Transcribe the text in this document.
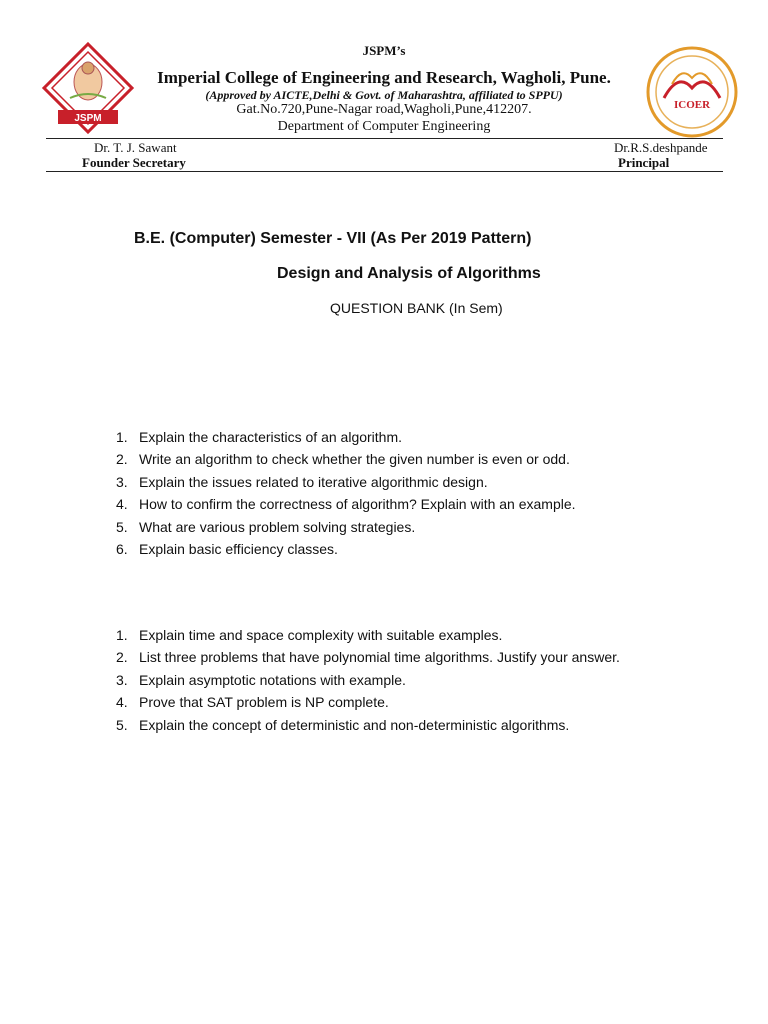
JSPM
ICOER
JSPM’s
Imperial College of Engineering and Research, Wagholi, Pune.
(Approved by AICTE,Delhi & Govt. of Maharashtra, affiliated to SPPU)
Gat.No.720,Pune-Nagar road,Wagholi,Pune,412207.
Department of Computer Engineering
Dr. T. J. Sawant
Founder Secretary
Dr.R.S.deshpande
Principal
B.E. (Computer) Semester - VII (As Per 2019 Pattern)
Design and Analysis of Algorithms
QUESTION BANK (In Sem)
1. Explain the characteristics of an algorithm.
2. Write an algorithm to check whether the given number is even or odd.
3. Explain the issues related to iterative algorithmic design.
4. How to confirm the correctness of algorithm? Explain with an example.
5. What are various problem solving strategies.
6. Explain basic efficiency classes.
1. Explain time and space complexity with suitable examples.
2. List three problems that have polynomial time algorithms. Justify your answer.
3. Explain asymptotic notations with example.
4. Prove that SAT problem is NP complete.
5. Explain the concept of deterministic and non-deterministic algorithms.
